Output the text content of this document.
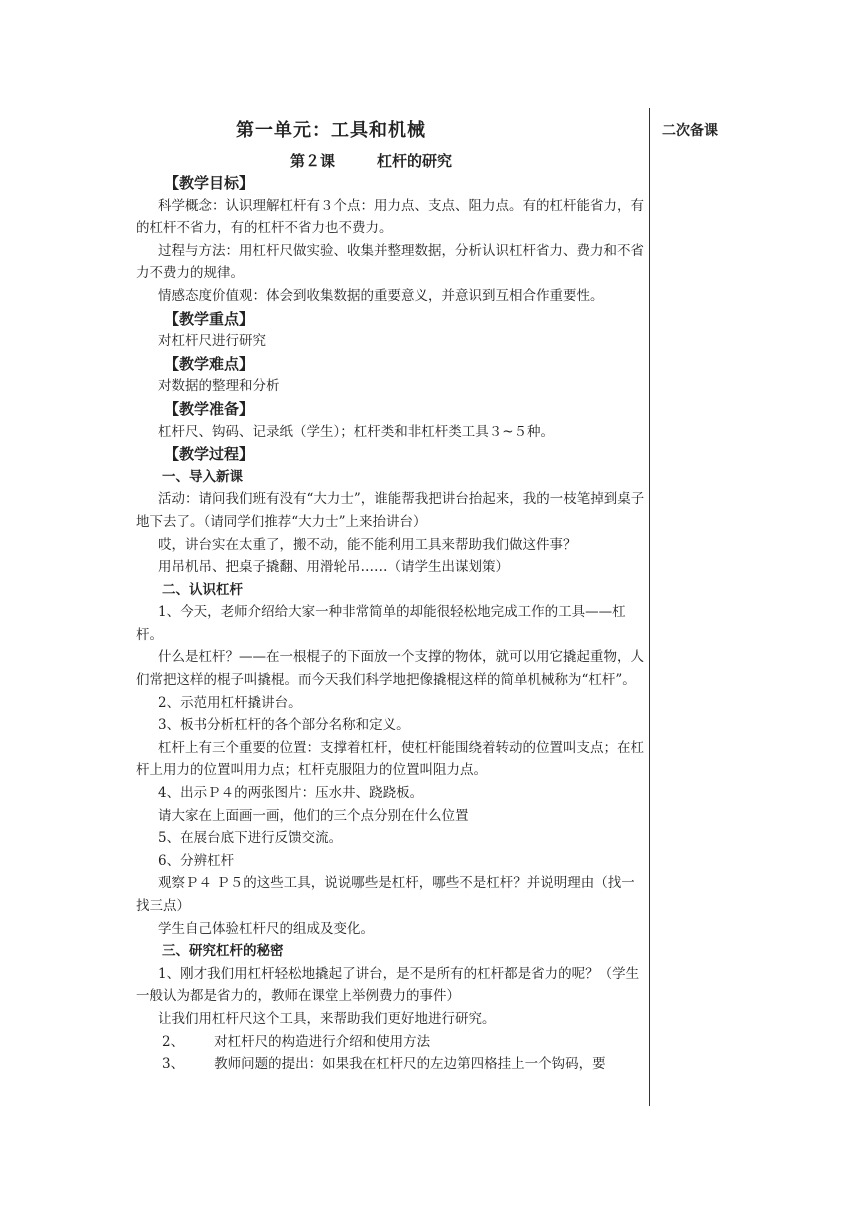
二次备课
第一单元：工具和机械
第２课	杠杆的研究

【教学目标】

科学概念：认识理解杠杆有３个点：用力点、支点、阻力点。有的杠杆能省力，有的杠杆不省力，有的杠杆不省力也不费力。

过程与方法：用杠杆尺做实验、收集并整理数据，分析认识杠杆省力、费力和不省力不费力的规律。

情感态度价值观：体会到收集数据的重要意义，并意识到互相合作重要性。

【教学重点】

对杠杆尺进行研究

【教学难点】

对数据的整理和分析

【教学准备】

杠杆尺、钩码、记录纸（学生）；杠杆类和非杠杆类工具３~５种。

【教学过程】

一、导入新课

活动：请问我们班有没有“大力士”，谁能帮我把讲台抬起来，我的一枝笔掉到桌子地下去了。（请同学们推荐“大力士”上来抬讲台）

哎，讲台实在太重了，搬不动，能不能利用工具来帮助我们做这件事？

用吊机吊、把桌子撬翻、用滑轮吊……（请学生出谋划策）

二、认识杠杆

1、今天，老师介绍给大家一种非常简单的却能很轻松地完成工作的工具——杠杆。

什么是杠杆？——在一根棍子的下面放一个支撑的物体，就可以用它撬起重物，人们常把这样的棍子叫撬棍。而今天我们科学地把像撬棍这样的简单机械称为“杠杆”。

2、示范用杠杆撬讲台。

3、板书分析杠杆的各个部分名称和定义。

杠杆上有三个重要的位置：支撑着杠杆，使杠杆能围绕着转动的位置叫支点；在杠杆上用力的位置叫用力点；杠杆克服阻力的位置叫阻力点。

4、出示Ｐ４的两张图片：压水井、跷跷板。

请大家在上面画一画，他们的三个点分别在什么位置

5、在展台底下进行反馈交流。

6、分辨杠杆

观察Ｐ４ Ｐ５的这些工具，说说哪些是杠杆，哪些不是杠杆？并说明理由（找一找三点）

学生自己体验杠杆尺的组成及变化。

三、研究杠杆的秘密

1、刚才我们用杠杆轻松地撬起了讲台，是不是所有的杠杆都是省力的呢？（学生一般认为都是省力的，教师在课堂上举例费力的事件）

让我们用杠杆尺这个工具，来帮助我们更好地进行研究。

2、 对杠杆尺的构造进行介绍和使用方法

3、 教师问题的提出：如果我在杠杆尺的左边第四格挂上一个钩码，要
